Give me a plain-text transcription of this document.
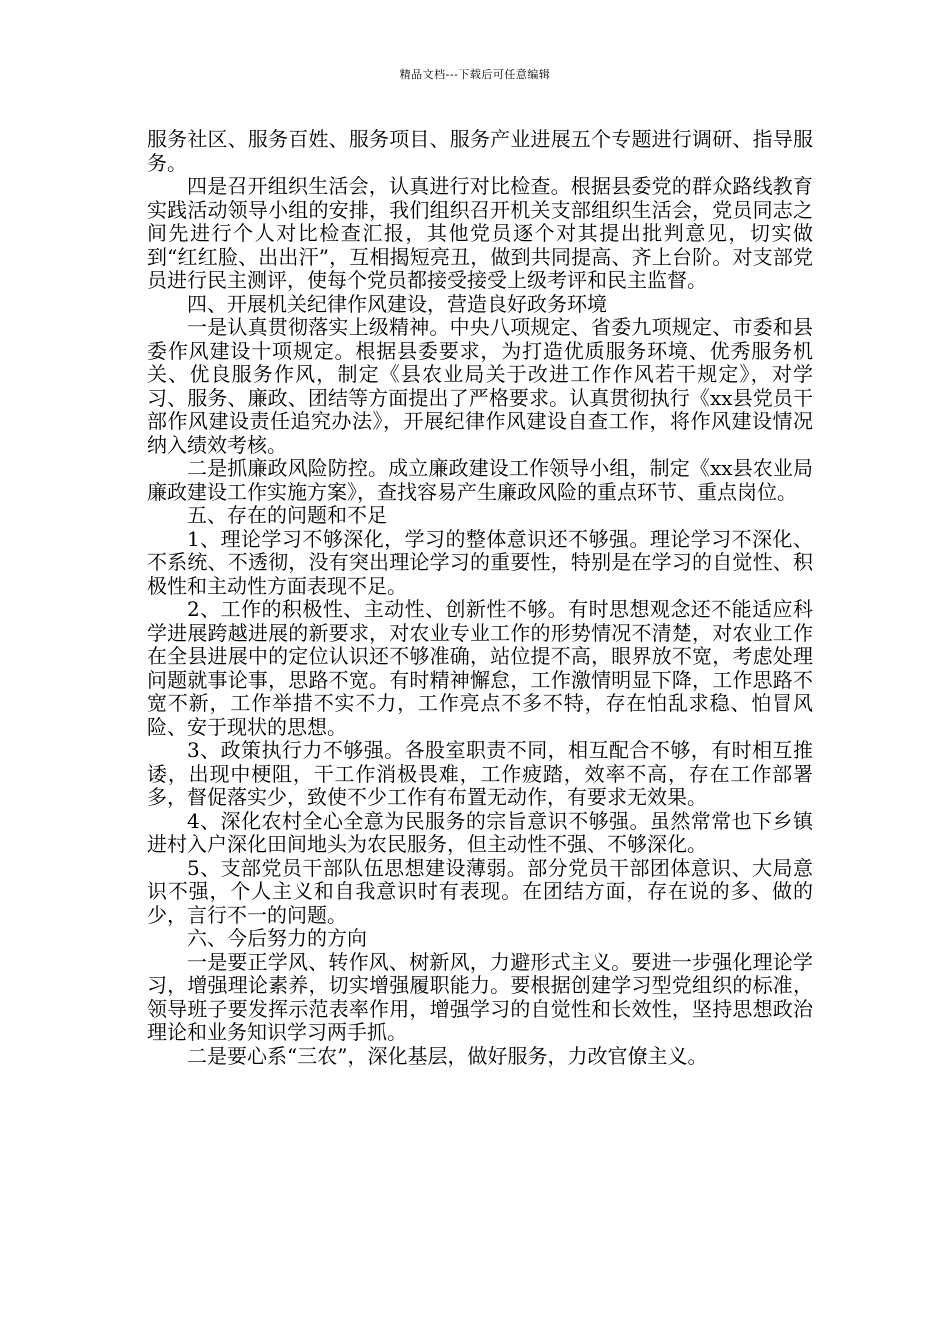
精品文档---下载后可任意编辑

服务社区、服务百姓、服务项目、服务产业进展五个专题进行调研、指导服务。

四是召开组织生活会，认真进行对比检查。根据县委党的群众路线教育实践活动领导小组的安排，我们组织召开机关支部组织生活会，党员同志之间先进行个人对比检查汇报，其他党员逐个对其提出批判意见，切实做到“红红脸、出出汗”，互相揭短亮丑，做到共同提高、齐上台阶。对支部党员进行民主测评，使每个党员都接受接受上级考评和民主监督。

四、开展机关纪律作风建设，营造良好政务环境

一是认真贯彻落实上级精神。中央八项规定、省委九项规定、市委和县委作风建设十项规定。根据县委要求，为打造优质服务环境、优秀服务机关、优良服务作风，制定《县农业局关于改进工作作风若干规定》，对学习、服务、廉政、团结等方面提出了严格要求。认真贯彻执行《xx县党员干部作风建设责任追究办法》，开展纪律作风建设自查工作，将作风建设情况纳入绩效考核。

二是抓廉政风险防控。成立廉政建设工作领导小组，制定《xx县农业局廉政建设工作实施方案》，查找容易产生廉政风险的重点环节、重点岗位。

五、存在的问题和不足

1、理论学习不够深化，学习的整体意识还不够强。理论学习不深化、不系统、不透彻，没有突出理论学习的重要性，特别是在学习的自觉性、积极性和主动性方面表现不足。

2、工作的积极性、主动性、创新性不够。有时思想观念还不能适应科学进展跨越进展的新要求，对农业专业工作的形势情况不清楚，对农业工作在全县进展中的定位认识还不够准确，站位提不高，眼界放不宽，考虑处理问题就事论事，思路不宽。有时精神懈怠，工作激情明显下降，工作思路不宽不新，工作举措不实不力，工作亮点不多不特，存在怕乱求稳、怕冒风险、安于现状的思想。

3、政策执行力不够强。各股室职责不同，相互配合不够，有时相互推诿，出现中梗阻，干工作消极畏难，工作疲踏，效率不高，存在工作部署多，督促落实少，致使不少工作有布置无动作，有要求无效果。

4、深化农村全心全意为民服务的宗旨意识不够强。虽然常常也下乡镇进村入户深化田间地头为农民服务，但主动性不强、不够深化。

5、支部党员干部队伍思想建设薄弱。部分党员干部团体意识、大局意识不强，个人主义和自我意识时有表现。在团结方面，存在说的多、做的少，言行不一的问题。

六、今后努力的方向

一是要正学风、转作风、树新风，力避形式主义。要进一步强化理论学习，增强理论素养，切实增强履职能力。要根据创建学习型党组织的标准，领导班子要发挥示范表率作用，增强学习的自觉性和长效性，坚持思想政治理论和业务知识学习两手抓。

二是要心系“三农”，深化基层，做好服务，力改官僚主义。
